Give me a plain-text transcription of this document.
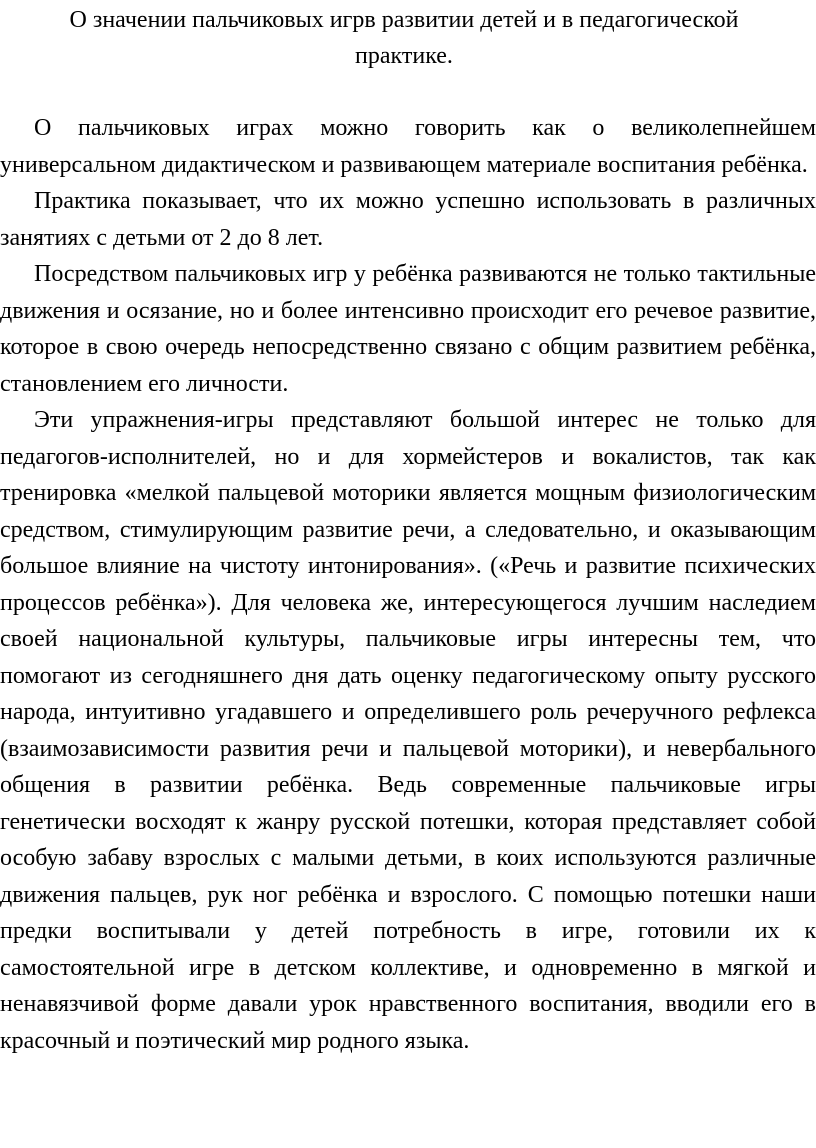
О значении пальчиковых игрв развитии детей и в педагогической практике.

О пальчиковых играх можно говорить как о великолепнейшем универсальном дидактическом и развивающем материале воспитания ребёнка.

Практика показывает, что их можно успешно использовать в различных занятиях с детьми от 2 до 8 лет.

Посредством пальчиковых игр у ребёнка развиваются не только тактильные движения и осязание, но и более интенсивно происходит его речевое развитие, которое в свою очередь непосредственно связано с общим развитием ребёнка, становлением его личности.

Эти упражнения-игры представляют большой интерес не только для педагогов-исполнителей, но и для хормейстеров и вокалистов, так как тренировка «мелкой пальцевой моторики является мощным физиологическим средством, стимулирующим развитие речи, а следовательно, и оказывающим большое влияние на чистоту интонирования». («Речь и развитие психических процессов ребёнка»). Для человека же, интересующегося лучшим наследием своей национальной культуры, пальчиковые игры интересны тем, что помогают из сегодняшнего дня дать оценку педагогическому опыту русского народа, интуитивно угадавшего и определившего роль речеручного рефлекса (взаимозависимости развития речи и пальцевой моторики), и невербального общения в развитии ребёнка. Ведь современные пальчиковые игры генетически восходят к жанру русской потешки, которая представляет собой особую забаву взрослых с малыми детьми, в коих используются различные движения пальцев, рук ног ребёнка и взрослого. С помощью потешки наши предки воспитывали у детей потребность в игре, готовили их к самостоятельной игре в детском коллективе, и одновременно в мягкой и ненавязчивой форме давали урок нравственного воспитания, вводили его в красочный и поэтический мир родного языка.
